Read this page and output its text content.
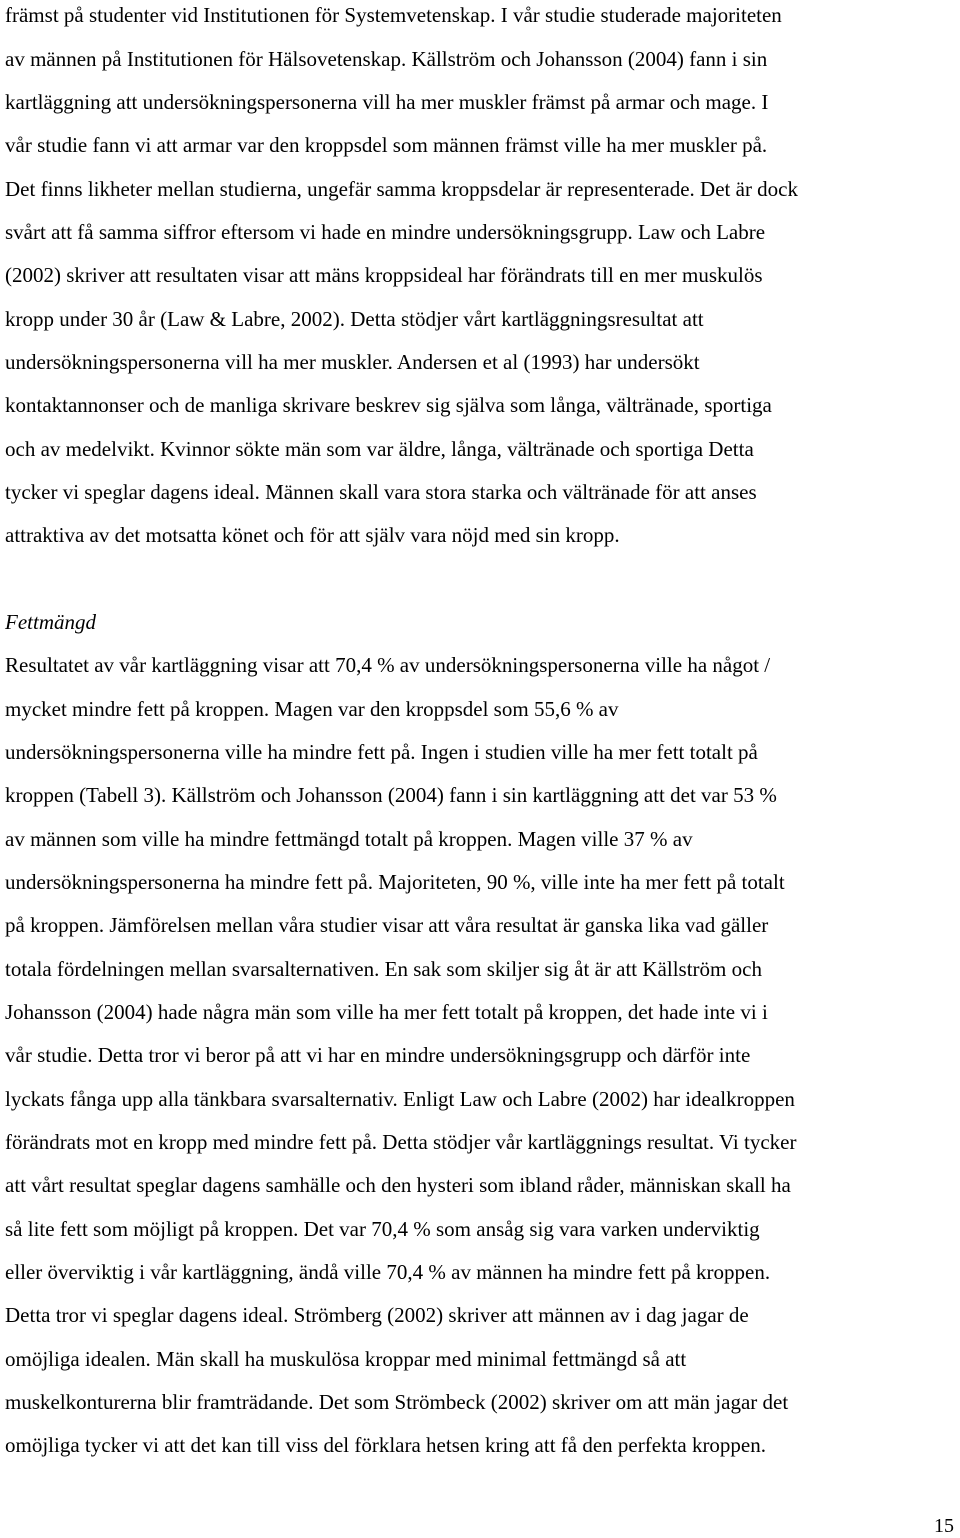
främst på studenter vid Institutionen för Systemvetenskap. I vår studie studerade majoriteten

av männen på Institutionen för Hälsovetenskap. Källström och Johansson (2004) fann i sin

kartläggning att undersökningspersonerna vill ha mer muskler främst på armar och mage. I

vår studie fann vi att armar var den kroppsdel som männen främst ville ha mer muskler på.

Det finns likheter mellan studierna, ungefär samma kroppsdelar är representerade. Det är dock

svårt att få samma siffror eftersom vi hade en mindre undersökningsgrupp. Law och Labre

(2002) skriver att resultaten visar att mäns kroppsideal har förändrats till en mer muskulös

kropp under 30 år (Law & Labre, 2002). Detta stödjer vårt kartläggningsresultat att

undersökningspersonerna vill ha mer muskler. Andersen et al (1993) har undersökt

kontaktannonser och de manliga skrivare beskrev sig själva som långa, vältränade, sportiga

och av medelvikt. Kvinnor sökte män som var äldre, långa, vältränade och sportiga Detta

tycker vi speglar dagens ideal. Männen skall vara stora starka och vältränade för att anses

attraktiva av det motsatta könet och för att själv vara nöjd med sin kropp.

Fettmängd

Resultatet av vår kartläggning visar att 70,4 % av undersökningspersonerna ville ha något /

mycket mindre fett på kroppen. Magen var den kroppsdel som 55,6 % av

undersökningspersonerna ville ha mindre fett på. Ingen i studien ville ha mer fett totalt på

kroppen (Tabell 3). Källström och Johansson (2004) fann i sin kartläggning att det var 53 %

av männen som ville ha mindre fettmängd totalt på kroppen. Magen ville 37 % av

undersökningspersonerna ha mindre fett på. Majoriteten, 90 %, ville inte ha mer fett på totalt

på kroppen. Jämförelsen mellan våra studier visar att våra resultat är ganska lika vad gäller

totala fördelningen mellan svarsalternativen. En sak som skiljer sig åt är att Källström och

Johansson (2004) hade några män som ville ha mer fett totalt på kroppen, det hade inte vi i

vår studie. Detta tror vi beror på att vi har en mindre undersökningsgrupp och därför inte

lyckats fånga upp alla tänkbara svarsalternativ. Enligt Law och Labre (2002) har idealkroppen

förändrats mot en kropp med mindre fett på. Detta stödjer vår kartläggnings resultat. Vi tycker

att vårt resultat speglar dagens samhälle och den hysteri som ibland råder, människan skall ha

så lite fett som möjligt på kroppen. Det var 70,4 % som ansåg sig vara varken underviktig

eller överviktig i vår kartläggning, ändå ville 70,4 % av männen ha mindre fett på kroppen.

Detta tror vi speglar dagens ideal. Strömberg (2002) skriver att männen av i dag jagar de

omöjliga idealen. Män skall ha muskulösa kroppar med minimal fettmängd så att

muskelkonturerna blir framträdande. Det som Strömbeck (2002) skriver om att män jagar det

omöjliga tycker vi att det kan till viss del förklara hetsen kring att få den perfekta kroppen.

15
